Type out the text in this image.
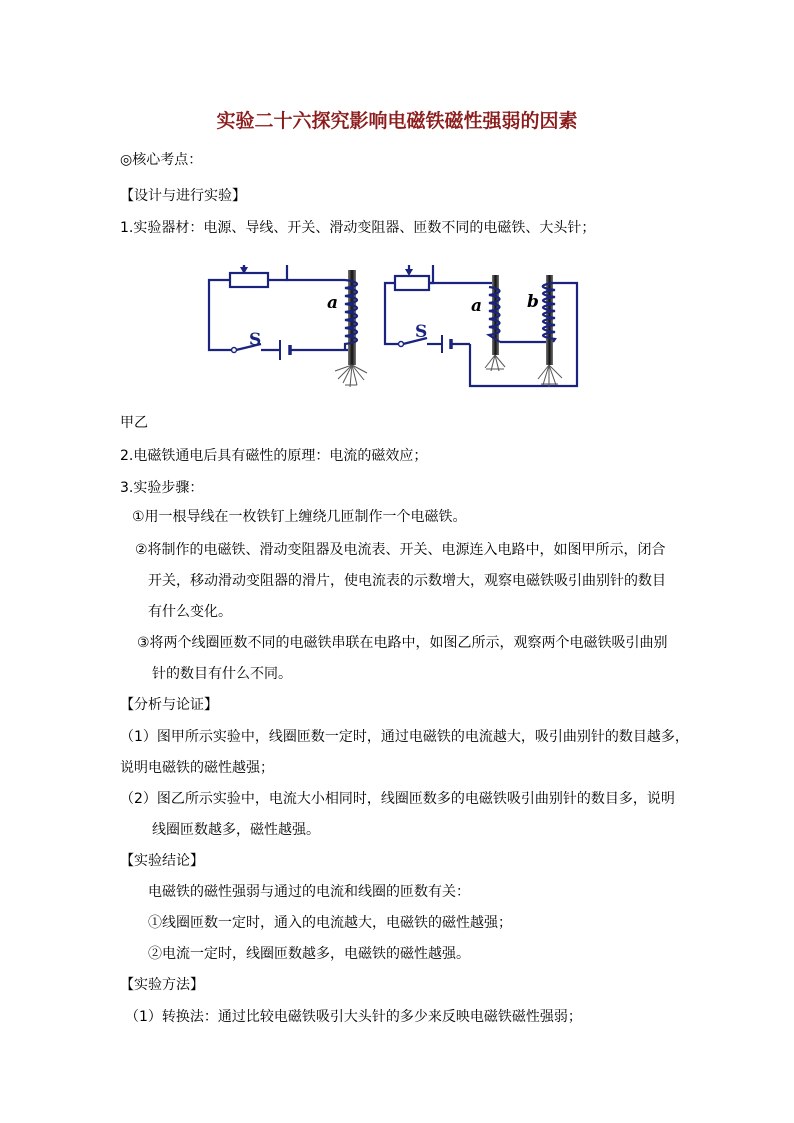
实验二十六探究影响电磁铁磁性强弱的因素
◎核心考点：
【设计与进行实验】
1.实验器材：电源、导线、开关、滑动变阻器、匝数不同的电磁铁、大头针；
S
a
S
a	b
甲乙
2.电磁铁通电后具有磁性的原理：电流的磁效应；
3.实验步骤：
①用一根导线在一枚铁钉上缠绕几匝制作一个电磁铁。
②将制作的电磁铁、滑动变阻器及电流表、开关、电源连入电路中，如图甲所示，闭合
开关，移动滑动变阻器的滑片，使电流表的示数增大，观察电磁铁吸引曲别针的数目
有什么变化。
③将两个线圈匝数不同的电磁铁串联在电路中，如图乙所示，观察两个电磁铁吸引曲别
针的数目有什么不同。
【分析与论证】
（1）图甲所示实验中，线圈匝数一定时，通过电磁铁的电流越大，吸引曲别针的数目越多，
说明电磁铁的磁性越强；
（2）图乙所示实验中，电流大小相同时，线圈匝数多的电磁铁吸引曲别针的数目多，说明
线圈匝数越多，磁性越强。
【实验结论】
电磁铁的磁性强弱与通过的电流和线圈的匝数有关：
①线圈匝数一定时，通入的电流越大，电磁铁的磁性越强；
②电流一定时，线圈匝数越多，电磁铁的磁性越强。
【实验方法】
（1）转换法：通过比较电磁铁吸引大头针的多少来反映电磁铁磁性强弱；
